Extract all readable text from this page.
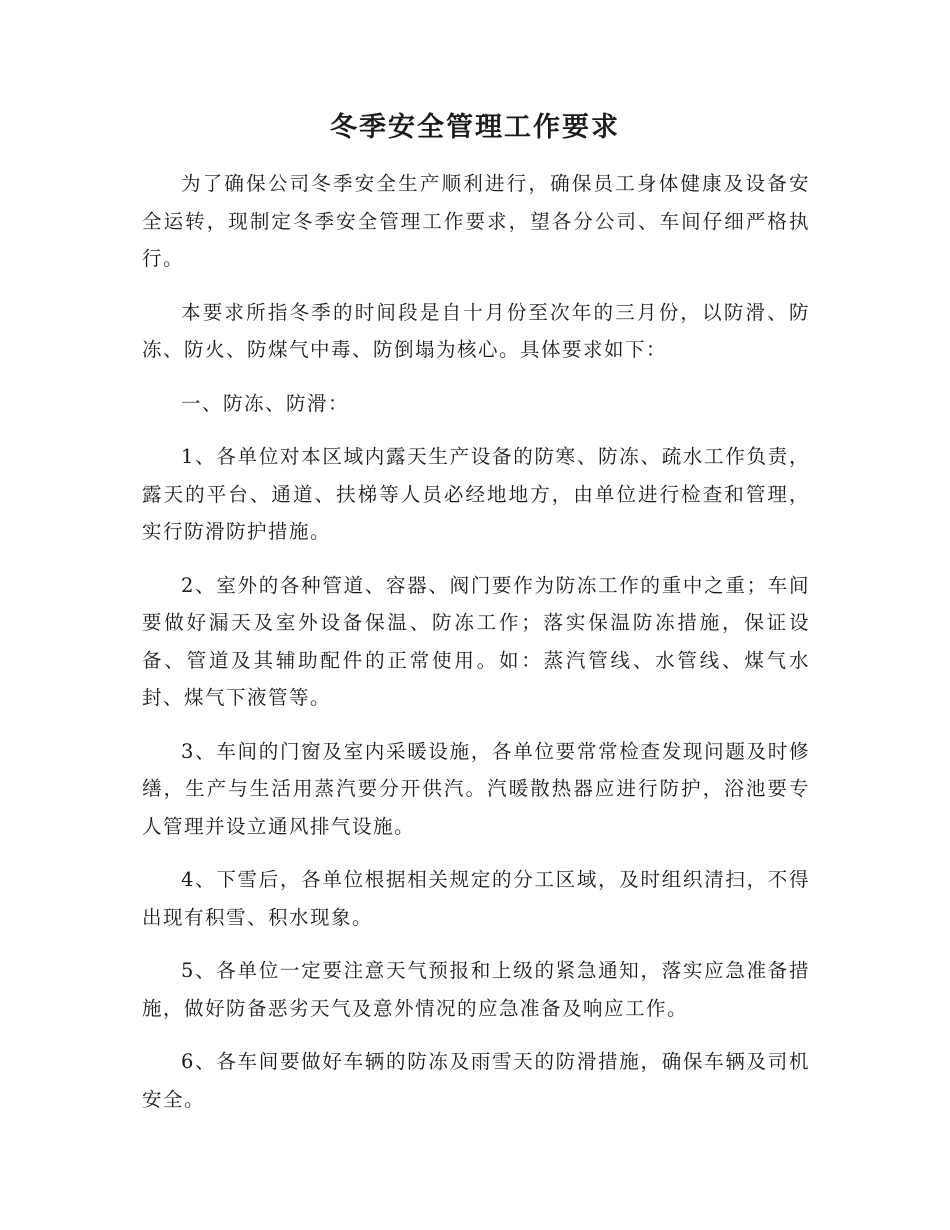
冬季安全管理工作要求

为了确保公司冬季安全生产顺利进行，确保员工身体健康及设备安全运转，现制定冬季安全管理工作要求，望各分公司、车间仔细严格执行。

本要求所指冬季的时间段是自十月份至次年的三月份，以防滑、防冻、防火、防煤气中毒、防倒塌为核心。具体要求如下：

一、防冻、防滑：

1、各单位对本区域内露天生产设备的防寒、防冻、疏水工作负责，露天的平台、通道、扶梯等人员必经地地方，由单位进行检查和管理，实行防滑防护措施。

2、室外的各种管道、容器、阀门要作为防冻工作的重中之重；车间要做好漏天及室外设备保温、防冻工作；落实保温防冻措施，保证设备、管道及其辅助配件的正常使用。如：蒸汽管线、水管线、煤气水封、煤气下液管等。

3、车间的门窗及室内采暖设施，各单位要常常检查发现问题及时修缮，生产与生活用蒸汽要分开供汽。汽暖散热器应进行防护，浴池要专人管理并设立通风排气设施。

4、下雪后，各单位根据相关规定的分工区域，及时组织清扫，不得出现有积雪、积水现象。

5、各单位一定要注意天气预报和上级的紧急通知，落实应急准备措施，做好防备恶劣天气及意外情况的应急准备及响应工作。

6、各车间要做好车辆的防冻及雨雪天的防滑措施，确保车辆及司机安全。
